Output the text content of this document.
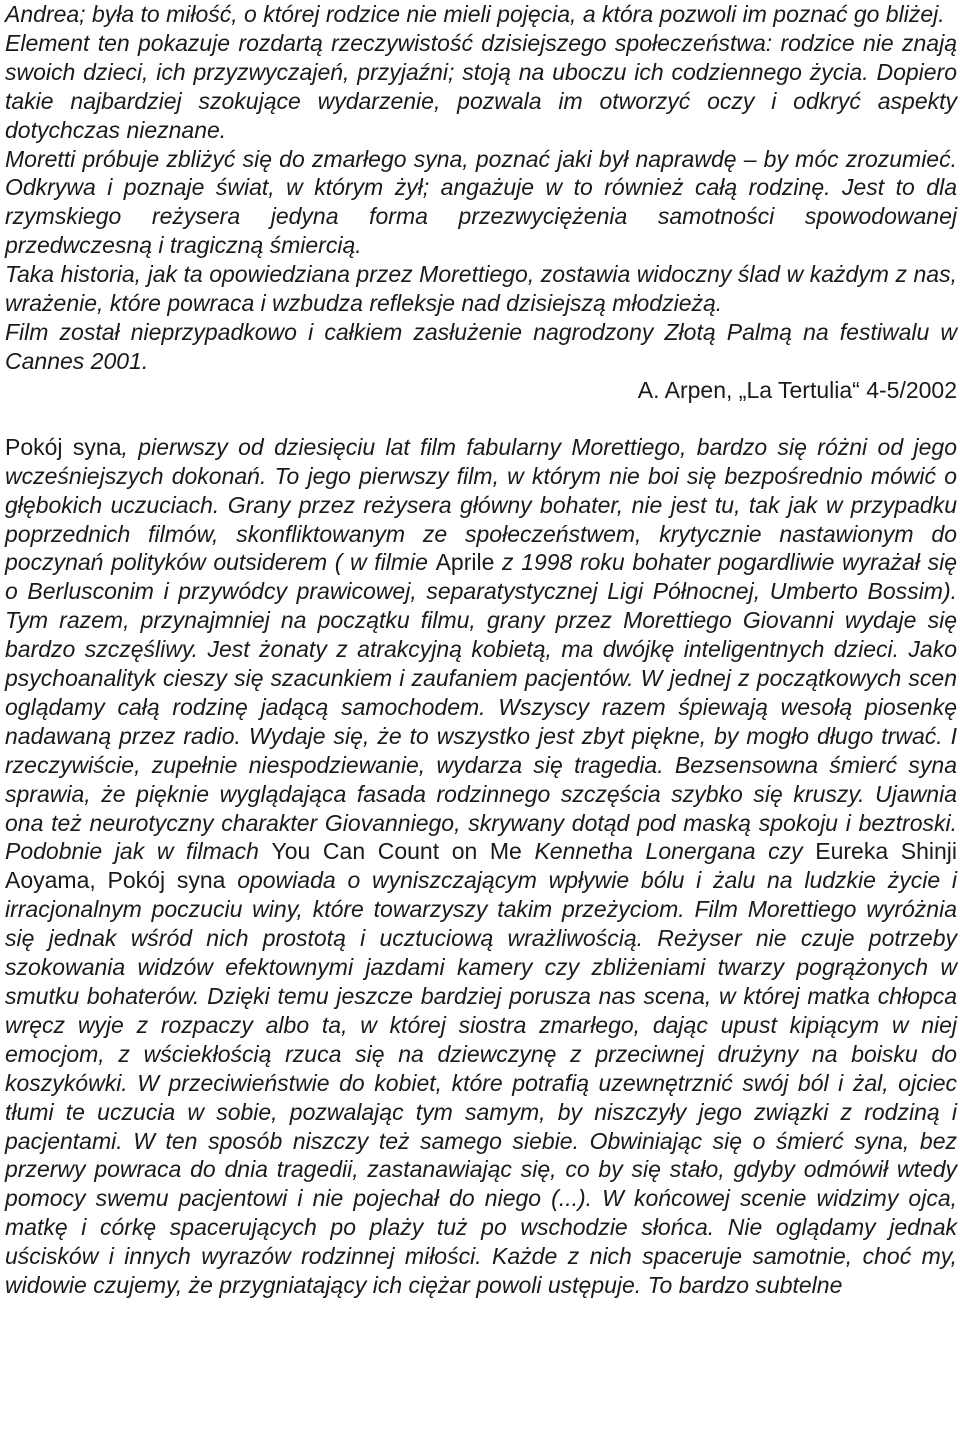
Andrea; była to miłość, o której rodzice nie mieli pojęcia, a która pozwoli im poznać go bliżej.

Element ten pokazuje rozdartą rzeczywistość dzisiejszego społeczeństwa: rodzice nie znają swoich dzieci, ich przyzwyczajeń, przyjaźni; stoją na uboczu ich codziennego życia. Dopiero takie najbardziej szokujące wydarzenie, pozwala im otworzyć oczy i odkryć aspekty dotychczas nieznane.

Moretti próbuje zbliżyć się do zmarłego syna, poznać jaki był naprawdę – by móc zrozumieć. Odkrywa i poznaje świat, w którym żył; angażuje w to również całą rodzinę. Jest to dla rzymskiego reżysera jedyna forma przezwyciężenia samotności spowodowanej przedwczesną i tragiczną śmiercią.

Taka historia, jak ta opowiedziana przez Morettiego, zostawia widoczny ślad w każdym z nas, wrażenie, które powraca i wzbudza refleksje nad dzisiejszą młodzieżą.

Film został nieprzypadkowo i całkiem zasłużenie nagrodzony Złotą Palmą na festiwalu w Cannes 2001.

A. Arpen, „La Tertulia“ 4-5/2002

Pokój syna, pierwszy od dziesięciu lat film fabularny Morettiego, bardzo się różni od jego wcześniejszych dokonań. To jego pierwszy film, w którym nie boi się bezpośrednio mówić o głębokich uczuciach. Grany przez reżysera główny bohater, nie jest tu, tak jak w przypadku poprzednich filmów, skonfliktowanym ze społeczeństwem, krytycznie nastawionym do poczynań polityków outsiderem ( w filmie Aprile z 1998 roku bohater pogardliwie wyrażał się o Berlusconim i przywódcy prawicowej, separatystycznej Ligi Północnej, Umberto Bossim). Tym razem, przynajmniej na początku filmu, grany przez Morettiego Giovanni wydaje się bardzo szczęśliwy. Jest żonaty z atrakcyjną kobietą, ma dwójkę inteligentnych dzieci. Jako psychoanalityk cieszy się szacunkiem i zaufaniem pacjentów. W jednej z początkowych scen oglądamy całą rodzinę jadącą samochodem. Wszyscy razem śpiewają wesołą piosenkę nadawaną przez radio. Wydaje się, że to wszystko jest zbyt piękne, by mogło długo trwać. I rzeczywiście, zupełnie niespodziewanie, wydarza się tragedia. Bezsensowna śmierć syna sprawia, że pięknie wyglądająca fasada rodzinnego szczęścia szybko się kruszy. Ujawnia ona też neurotyczny charakter Giovanniego, skrywany dotąd pod maską spokoju i beztroski. Podobnie jak w filmach You Can Count on Me Kennetha Lonergana czy Eureka Shinji Aoyama, Pokój syna opowiada o wyniszczającym wpływie bólu i żalu na ludzkie życie i irracjonalnym poczuciu winy, które towarzyszy takim przeżyciom. Film Morettiego wyróżnia się jednak wśród nich prostotą i ucztuciową wrażliwością. Reżyser nie czuje potrzeby szokowania widzów efektownymi jazdami kamery czy zbliżeniami twarzy pogrążonych w smutku bohaterów. Dzięki temu jeszcze bardziej porusza nas scena, w której matka chłopca wręcz wyje z rozpaczy albo ta, w której siostra zmarłego, dając upust kipiącym w niej emocjom, z wściekłością rzuca się na dziewczynę z przeciwnej drużyny na boisku do koszykówki. W przeciwieństwie do kobiet, które potrafią uzewnętrznić swój ból i żal, ojciec tłumi te uczucia w sobie, pozwalając tym samym, by niszczyły jego związki z rodziną i pacjentami. W ten sposób niszczy też samego siebie. Obwiniając się o śmierć syna, bez przerwy powraca do dnia tragedii, zastanawiając się, co by się stało, gdyby odmówił wtedy pomocy swemu pacjentowi i nie pojechał do niego (...). W końcowej scenie widzimy ojca, matkę i córkę spacerujących po plaży tuż po wschodzie słońca. Nie oglądamy jednak uścisków i innych wyrazów rodzinnej miłości. Każde z nich spaceruje samotnie, choć my, widowie czujemy, że przygniatający ich ciężar powoli ustępuje. To bardzo subtelne
